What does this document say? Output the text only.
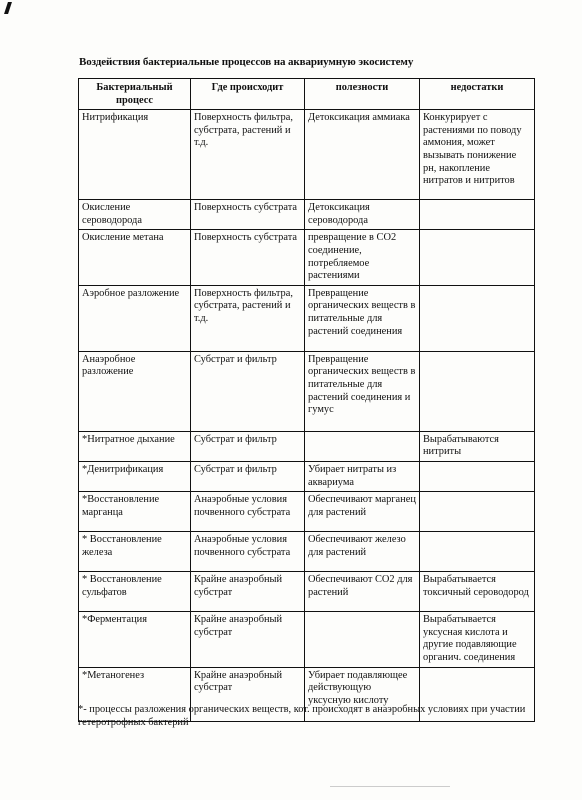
Воздействия бактериальные процессов на аквариумную экосистему
Бактериальный процесс	Где происходит	полезности	недостатки
Нитрификация	Поверхность фильтра, субстрата, растений и т.д.	Детоксикация аммиака	Конкурирует с растениями по поводу аммония, может вызывать понижение рн, накопление нитратов и нитритов
Окисление сероводорода	Поверхность субстрата	Детоксикация сероводорода	
Окисление метана	Поверхность субстрата	превращение в СО2 соединение, потребляемое растениями	
Аэробное разложение	Поверхность фильтра, субстрата, растений и т.д.	Превращение органических веществ в питательные для растений соединения	
Анаэробное разложение	Субстрат и фильтр	Превращение органических веществ в питательные для растений соединения и гумус	
*Нитратное дыхание	Субстрат и фильтр		Вырабатываются нитриты
*Денитрификация	Субстрат и фильтр	Убирает нитраты из аквариума	
*Восстановление марганца	Анаэробные условия почвенного субстрата	Обеспечивают марганец для растений	
* Восстановление железа	Анаэробные условия почвенного субстрата	Обеспечивают железо для растений	
* Восстановление сульфатов	Крайне анаэробный субстрат	Обеспечивают СО2 для растений	Вырабатывается токсичный сероводород
*Ферментация	Крайне анаэробный субстрат		Вырабатывается уксусная кислота и другие подавляющие органич. соединения
*Метаногенез	Крайне анаэробный субстрат	Убирает подавляющее действующую уксусную кислоту	
*- процессы разложения органических веществ, кот. происходят в анаэробных условиях при участии гетеротрофных бактерий
